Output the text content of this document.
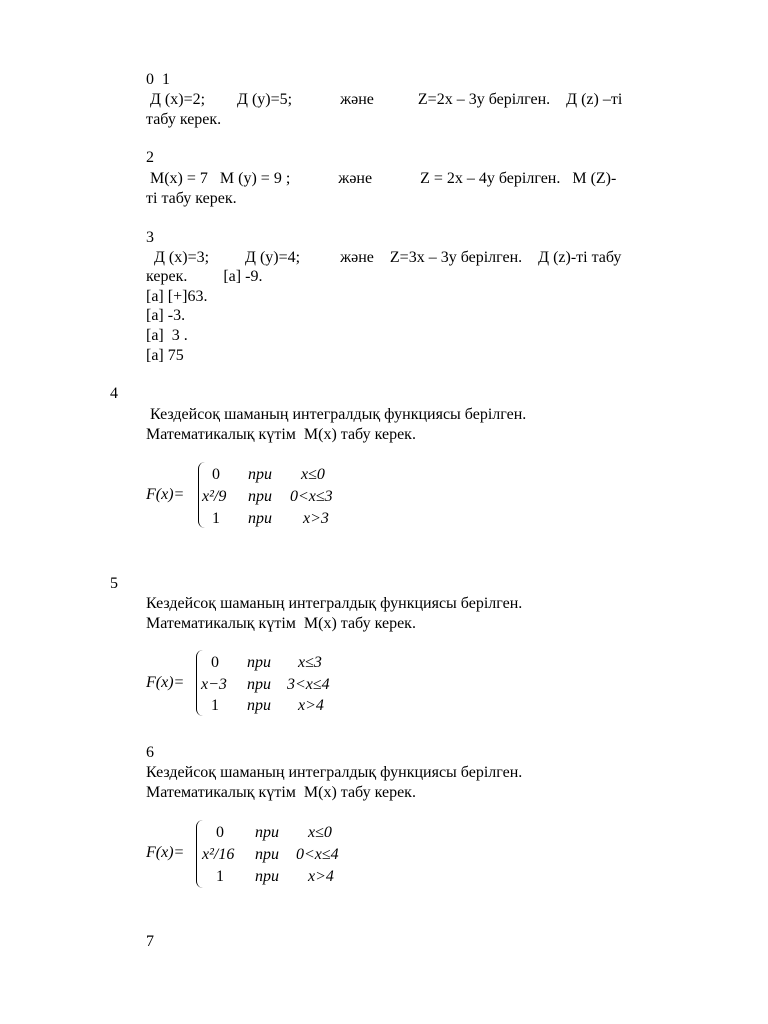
0  1
Д (x)=2;        Д (y)=5;            және           Z=2x – 3y берілген.    Д (z) –ті
табу керек.
2
M(x) = 7   M (y) = 9 ;            және            Z = 2x – 4y берілген.   M (Z)-
ті табу керек.
3
Д (x)=3;         Д (y)=4;          және    Z=3x – 3y берілген.    Д (z)-ті табу
керек.         [а] -9.
[а] [+]63.
[а] -3.
[а]  3 .
[а] 75
4
Кездейсоқ шаманың интегралдық функциясы берілген.
Математикалық күтім  M(x) табу керек.
F(x)=
0 при x≤0
x²/9 при 0<x≤3
1 при x>3
5
Кездейсоқ шаманың интегралдық функциясы берілген.
Математикалық күтім  M(x) табу керек.
F(x)=
0 при x≤3
x−3 при 3<x≤4
1 при x>4
6
Кездейсоқ шаманың интегралдық функциясы берілген.
Математикалық күтім  M(x) табу керек.
F(x)=
0 при x≤0
x²/16 при 0<x≤4
1 при x>4
7
